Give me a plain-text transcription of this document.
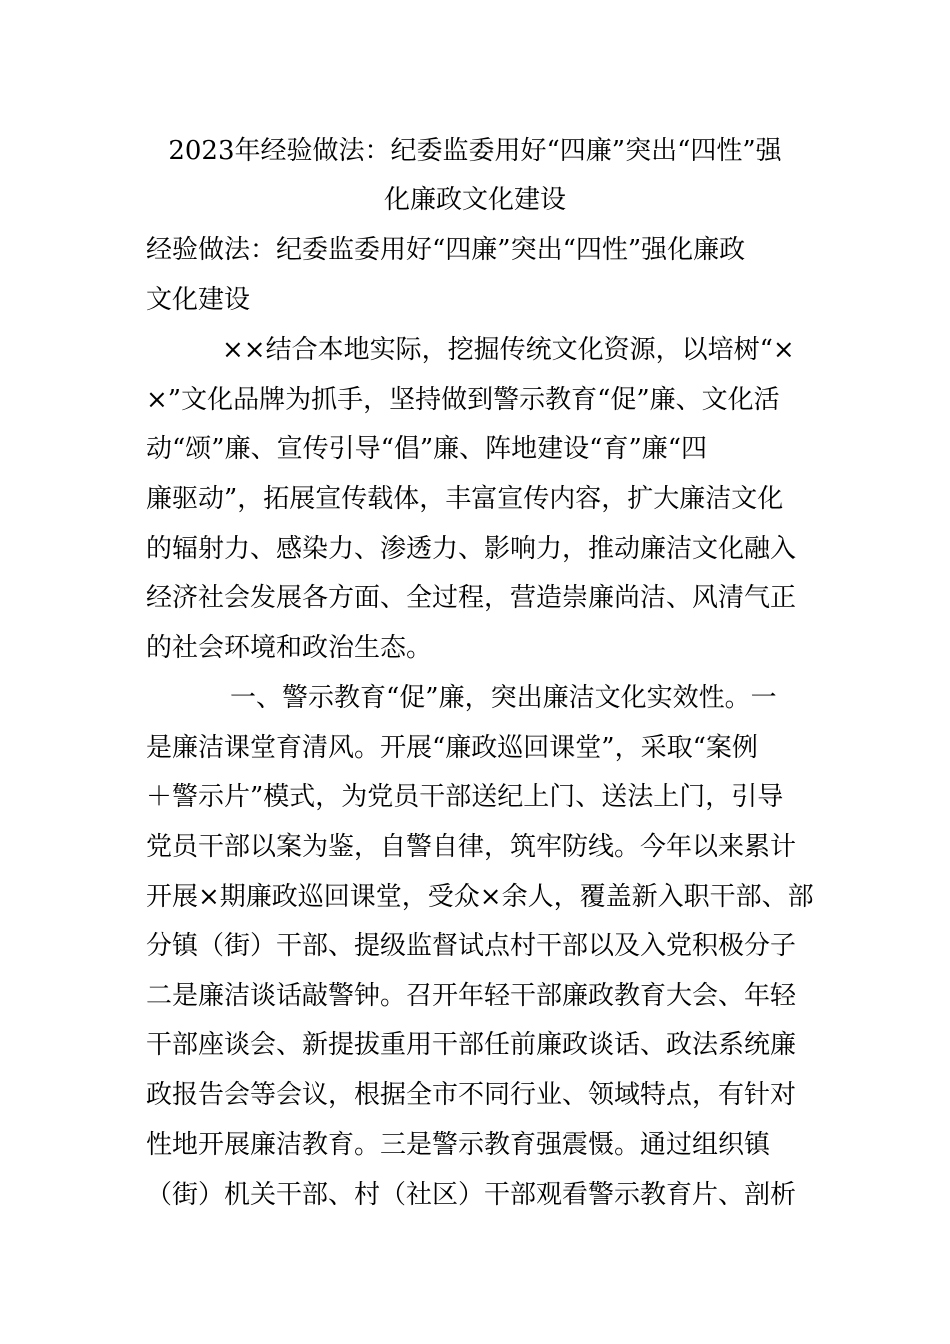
2023年经验做法：纪委监委用好“四廉”突出“四性”强
化廉政文化建设
经验做法：纪委监委用好“四廉”突出“四性”强化廉政
文化建设
××结合本地实际，挖掘传统文化资源，以培树“×
×”文化品牌为抓手，坚持做到警示教育“促”廉、文化活
动“颂”廉、宣传引导“倡”廉、阵地建设“育”廉“四
廉驱动”，拓展宣传载体，丰富宣传内容，扩大廉洁文化
的辐射力、感染力、渗透力、影响力，推动廉洁文化融入
经济社会发展各方面、全过程，营造崇廉尚洁、风清气正
的社会环境和政治生态。
一、警示教育“促”廉，突出廉洁文化实效性。一
是廉洁课堂育清风。开展“廉政巡回课堂”，采取“案例
＋警示片”模式，为党员干部送纪上门、送法上门，引导
党员干部以案为鉴，自警自律，筑牢防线。今年以来累计
开展×期廉政巡回课堂，受众×余人，覆盖新入职干部、部
分镇（街）干部、提级监督试点村干部以及入党积极分子
二是廉洁谈话敲警钟。召开年轻干部廉政教育大会、年轻
干部座谈会、新提拔重用干部任前廉政谈话、政法系统廉
政报告会等会议，根据全市不同行业、领域特点，有针对
性地开展廉洁教育。三是警示教育强震慑。通过组织镇
（街）机关干部、村（社区）干部观看警示教育片、剖析
